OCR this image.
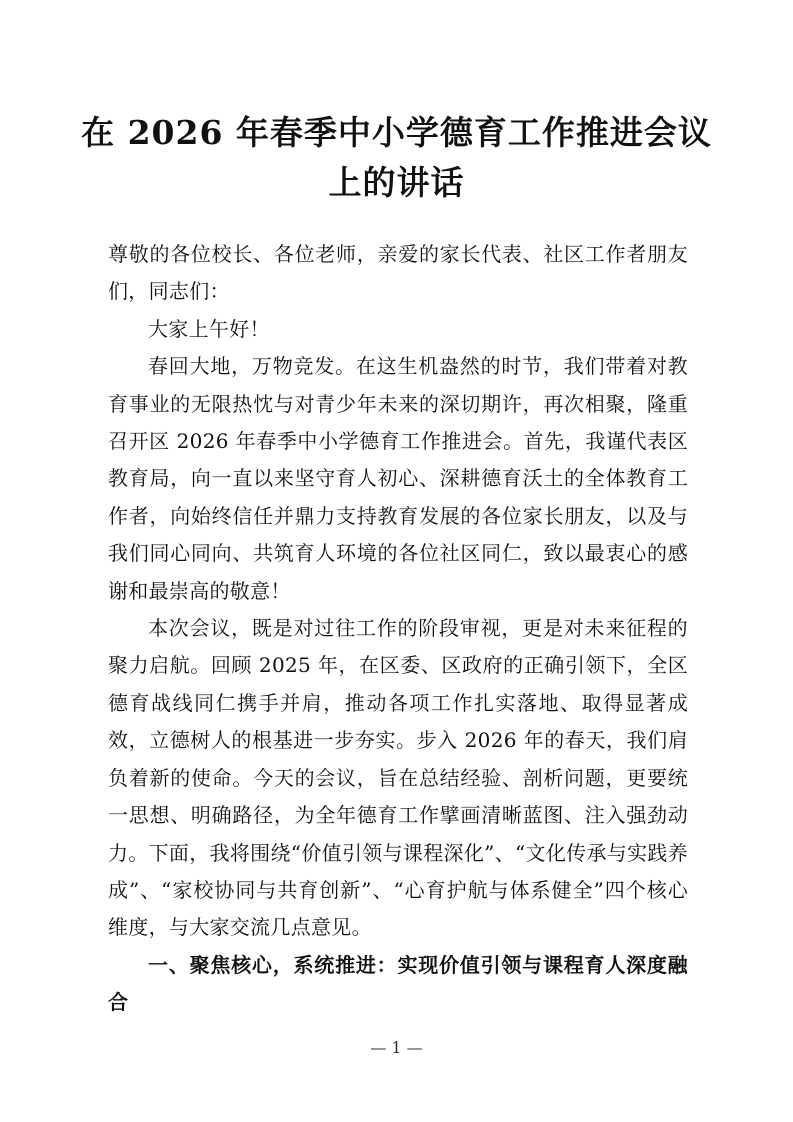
在 2026 年春季中小学德育工作推进会议
上的讲话

尊敬的各位校长、各位老师，亲爱的家长代表、社区工作者朋友们，同志们：

大家上午好！

春回大地，万物竞发。在这生机盎然的时节，我们带着对教育事业的无限热忱与对青少年未来的深切期许，再次相聚，隆重召开区 2026 年春季中小学德育工作推进会。首先，我谨代表区教育局，向一直以来坚守育人初心、深耕德育沃土的全体教育工作者，向始终信任并鼎力支持教育发展的各位家长朋友，以及与我们同心同向、共筑育人环境的各位社区同仁，致以最衷心的感谢和最崇高的敬意！

本次会议，既是对过往工作的阶段审视，更是对未来征程的聚力启航。回顾 2025 年，在区委、区政府的正确引领下，全区德育战线同仁携手并肩，推动各项工作扎实落地、取得显著成效，立德树人的根基进一步夯实。步入 2026 年的春天，我们肩负着新的使命。今天的会议，旨在总结经验、剖析问题，更要统一思想、明确路径，为全年德育工作擘画清晰蓝图、注入强劲动力。下面，我将围绕“价值引领与课程深化”、“文化传承与实践养成”、“家校协同与共育创新”、“心育护航与体系健全”四个核心维度，与大家交流几点意见。

一、聚焦核心，系统推进：实现价值引领与课程育人深度融合

— 1 —
